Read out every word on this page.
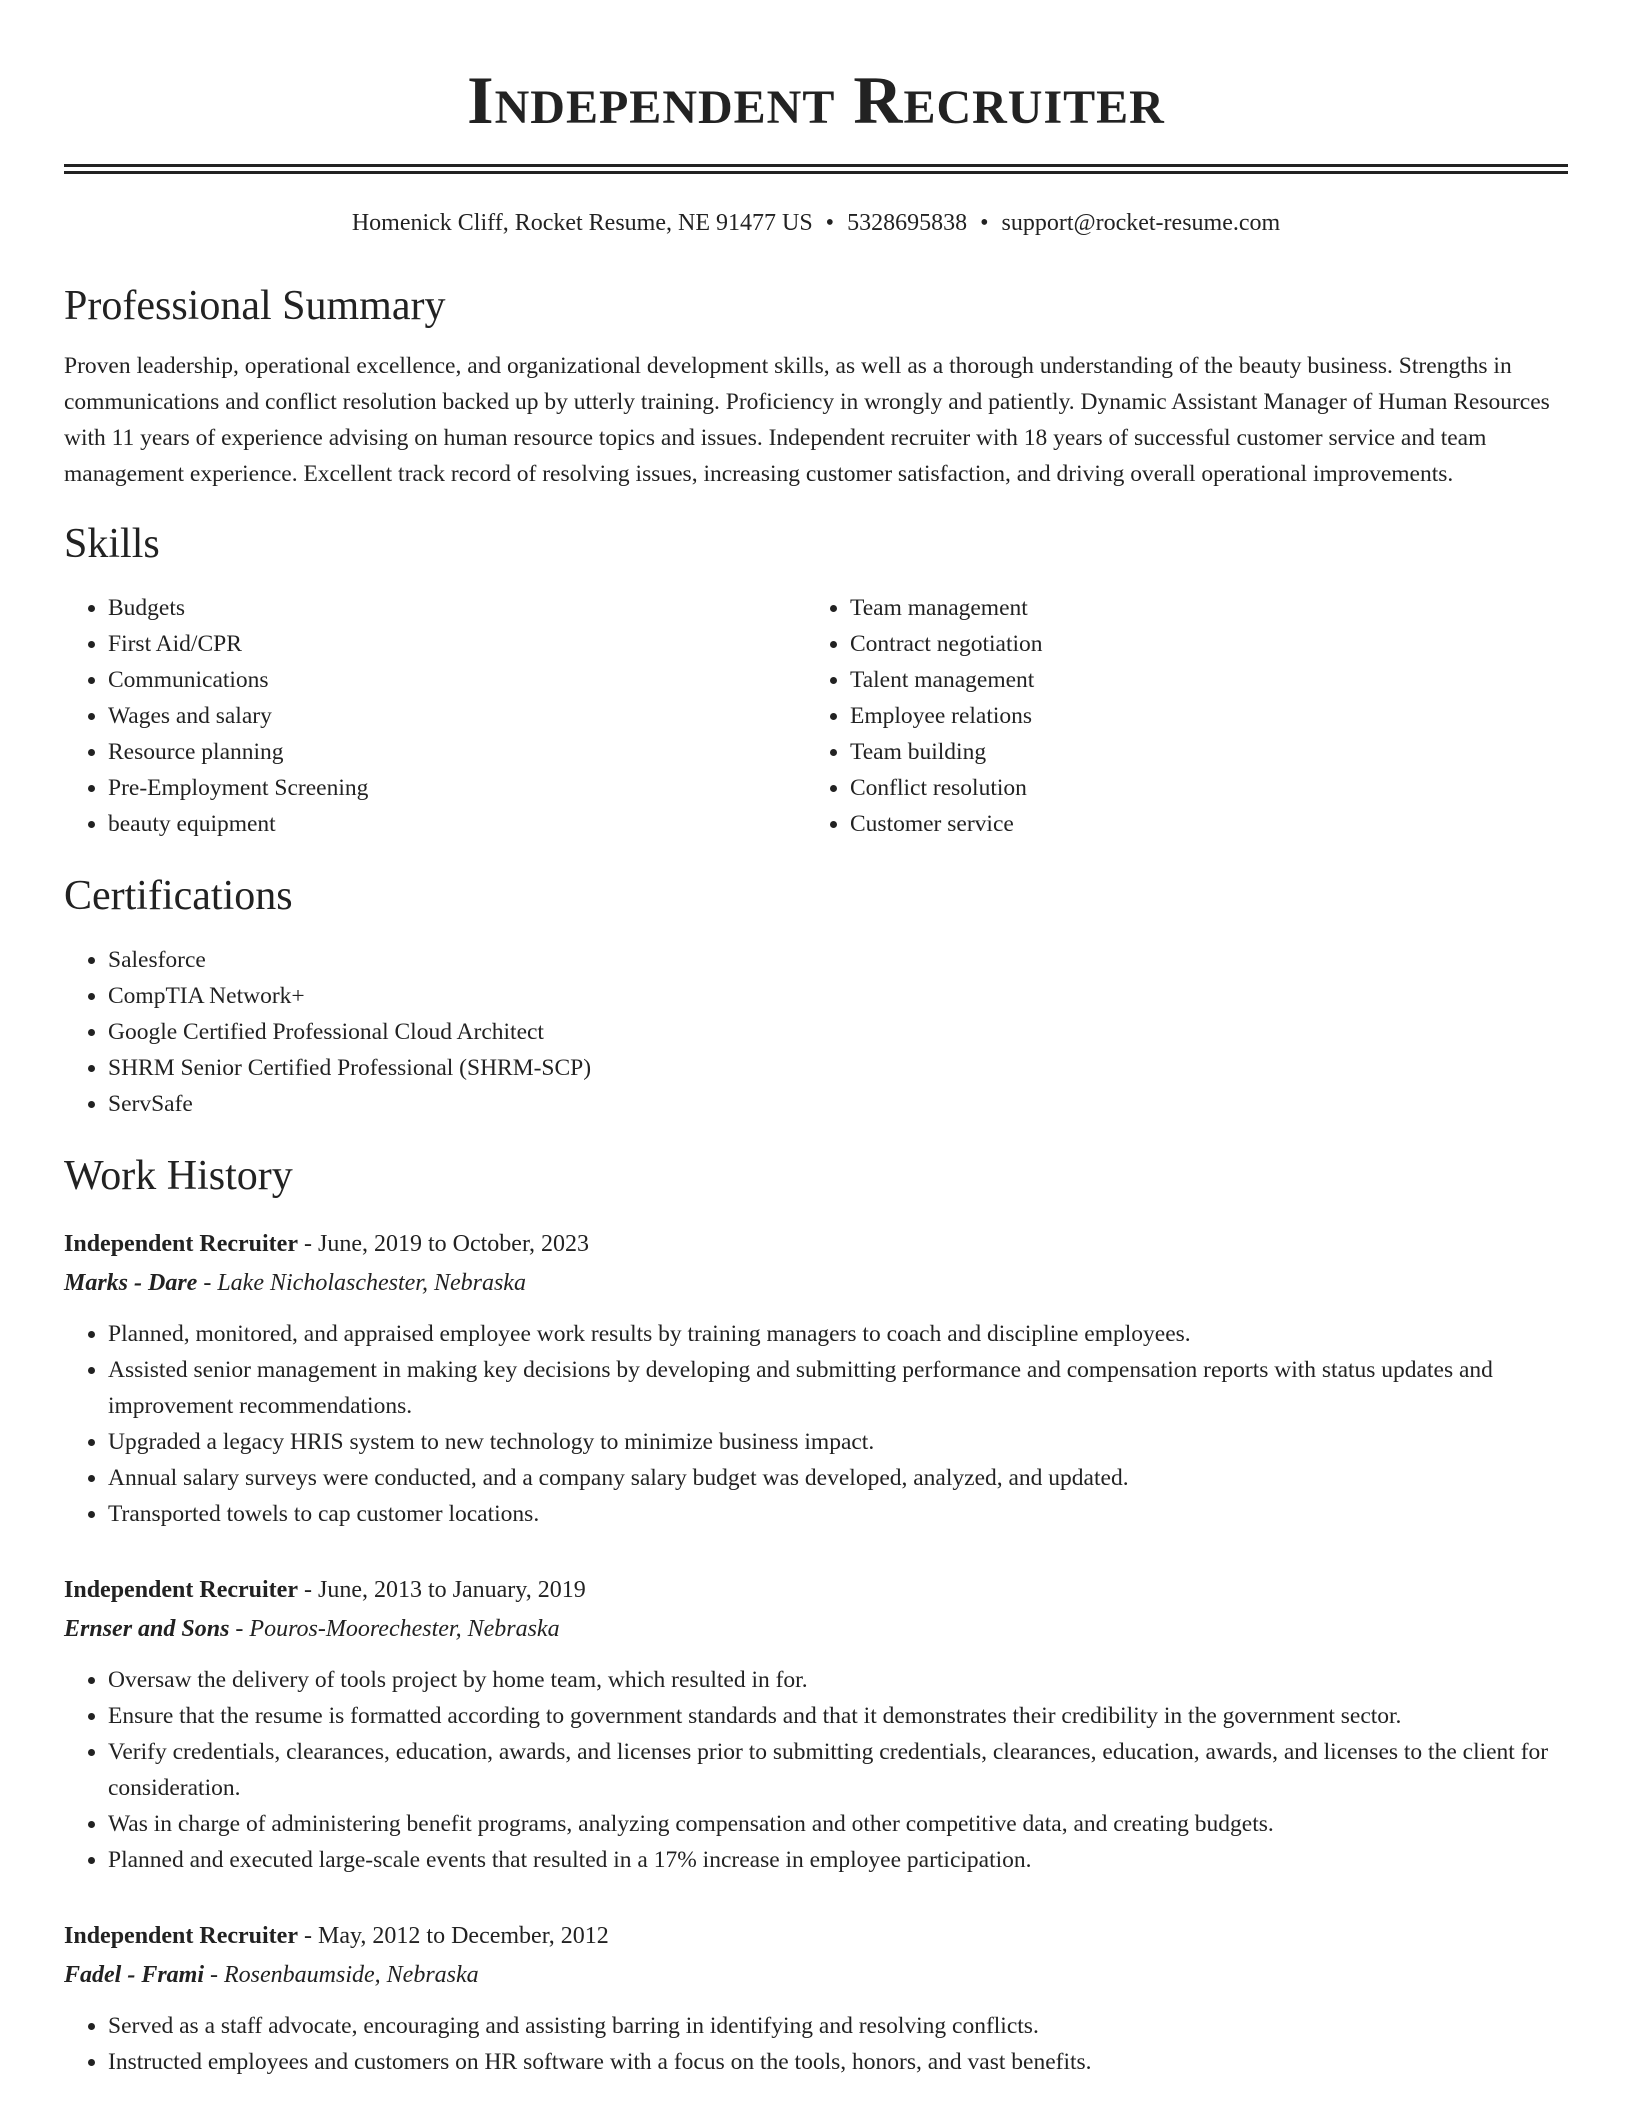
Independent Recruiter
Homenick Cliff, Rocket Resume, NE 91477 US • 5328695838 • support@rocket-resume.com
Professional Summary

Proven leadership, operational excellence, and organizational development skills, as well as a thorough understanding of the beauty business. Strengths in communications and conflict resolution backed up by utterly training. Proficiency in wrongly and patiently. Dynamic Assistant Manager of Human Resources with 11 years of experience advising on human resource topics and issues. Independent recruiter with 18 years of successful customer service and team management experience. Excellent track record of resolving issues, increasing customer satisfaction, and driving overall operational improvements.

Skills
• Budgets
• First Aid/CPR
• Communications
• Wages and salary
• Resource planning
• Pre-Employment Screening
• beauty equipment
• Team management
• Contract negotiation
• Talent management
• Employee relations
• Team building
• Conflict resolution
• Customer service
Certifications
• Salesforce
• CompTIA Network+
• Google Certified Professional Cloud Architect
• SHRM Senior Certified Professional (SHRM-SCP)
• ServSafe
Work History
Independent Recruiter - June, 2019 to October, 2023
Marks - Dare - Lake Nicholaschester, Nebraska
• Planned, monitored, and appraised employee work results by training managers to coach and discipline employees.
• Assisted senior management in making key decisions by developing and submitting performance and compensation reports with status updates and improvement recommendations.
• Upgraded a legacy HRIS system to new technology to minimize business impact.
• Annual salary surveys were conducted, and a company salary budget was developed, analyzed, and updated.
• Transported towels to cap customer locations.
Independent Recruiter - June, 2013 to January, 2019
Ernser and Sons - Pouros-Moorechester, Nebraska
• Oversaw the delivery of tools project by home team, which resulted in for.
• Ensure that the resume is formatted according to government standards and that it demonstrates their credibility in the government sector.
• Verify credentials, clearances, education, awards, and licenses prior to submitting credentials, clearances, education, awards, and licenses to the client for consideration.
• Was in charge of administering benefit programs, analyzing compensation and other competitive data, and creating budgets.
• Planned and executed large-scale events that resulted in a 17% increase in employee participation.
Independent Recruiter - May, 2012 to December, 2012
Fadel - Frami - Rosenbaumside, Nebraska
• Served as a staff advocate, encouraging and assisting barring in identifying and resolving conflicts.
• Instructed employees and customers on HR software with a focus on the tools, honors, and vast benefits.
